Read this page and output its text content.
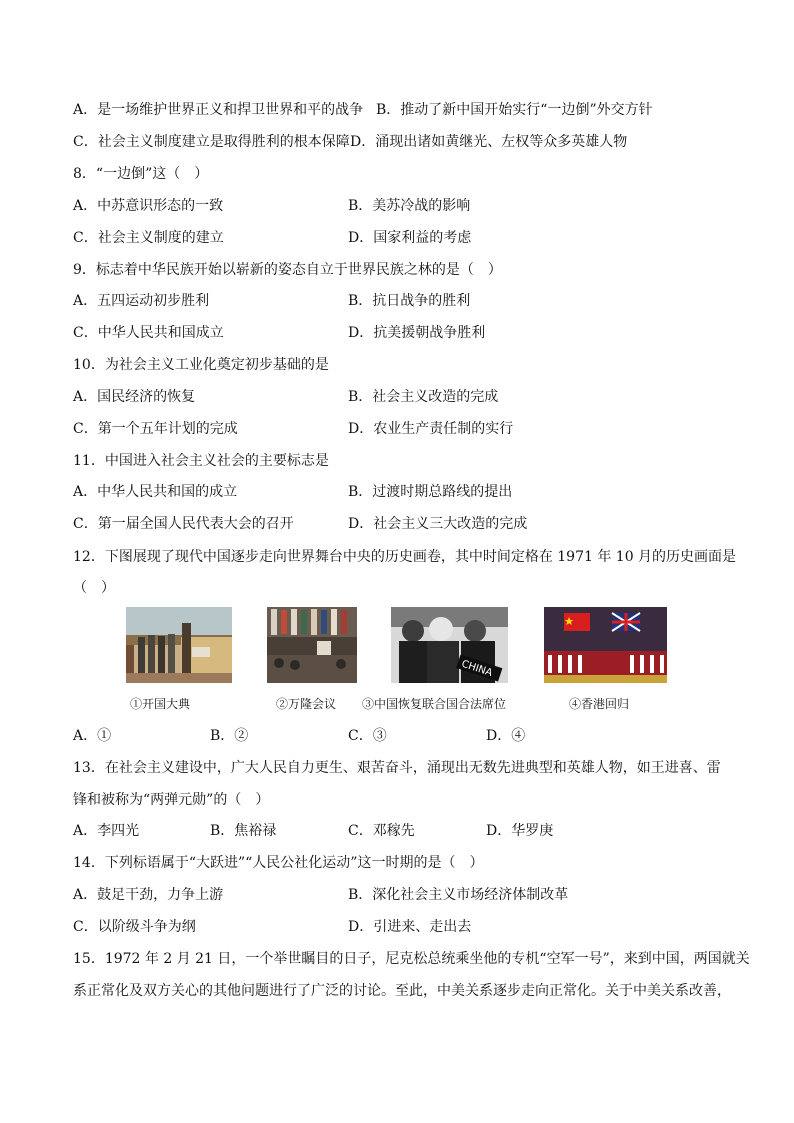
A．是一场维护世界正义和捍卫世界和平的战争 B．推动了新中国开始实行“一边倒”外交方针
C．社会主义制度建立是取得胜利的根本保障 D．涌现出诸如黄继光、左权等众多英雄人物
8．“一边倒”这（　）
A．中苏意识形态的一致	B．美苏冷战的影响
C．社会主义制度的建立	D．国家利益的考虑
9．标志着中华民族开始以崭新的姿态自立于世界民族之林的是（　）
A．五四运动初步胜利	B．抗日战争的胜利
C．中华人民共和国成立	D．抗美援朝战争胜利
10．为社会主义工业化奠定初步基础的是
A．国民经济的恢复	B．社会主义改造的完成
C．第一个五年计划的完成	D．农业生产责任制的实行
11．中国进入社会主义社会的主要标志是
A．中华人民共和国的成立	B．过渡时期总路线的提出
C．第一届全国人民代表大会的召开	D．社会主义三大改造的完成
12．下图展现了现代中国逐步走向世界舞台中央的历史画卷，其中时间定格在 1971 年 10 月的历史画面是
（　）
CHINA
①开国大典	②万隆会议 ③中国恢复联合国合法席位	④香港回归
A．①	B．②	C．③	D．④
13．在社会主义建设中，广大人民自力更生、艰苦奋斗，涌现出无数先进典型和英雄人物，如王进喜、雷
锋和被称为“两弹元勋”的（　）
A．李四光	B．焦裕禄	C．邓稼先	D．华罗庚
14．下列标语属于“大跃进”“人民公社化运动”这一时期的是（　）
A．鼓足干劲，力争上游	B．深化社会主义市场经济体制改革
C．以阶级斗争为纲	D．引进来、走出去
15．1972 年 2 月 21 日，一个举世瞩目的日子，尼克松总统乘坐他的专机“空军一号”，来到中国，两国就关
系正常化及双方关心的其他问题进行了广泛的讨论。至此，中美关系逐步走向正常化。关于中美关系改善，
